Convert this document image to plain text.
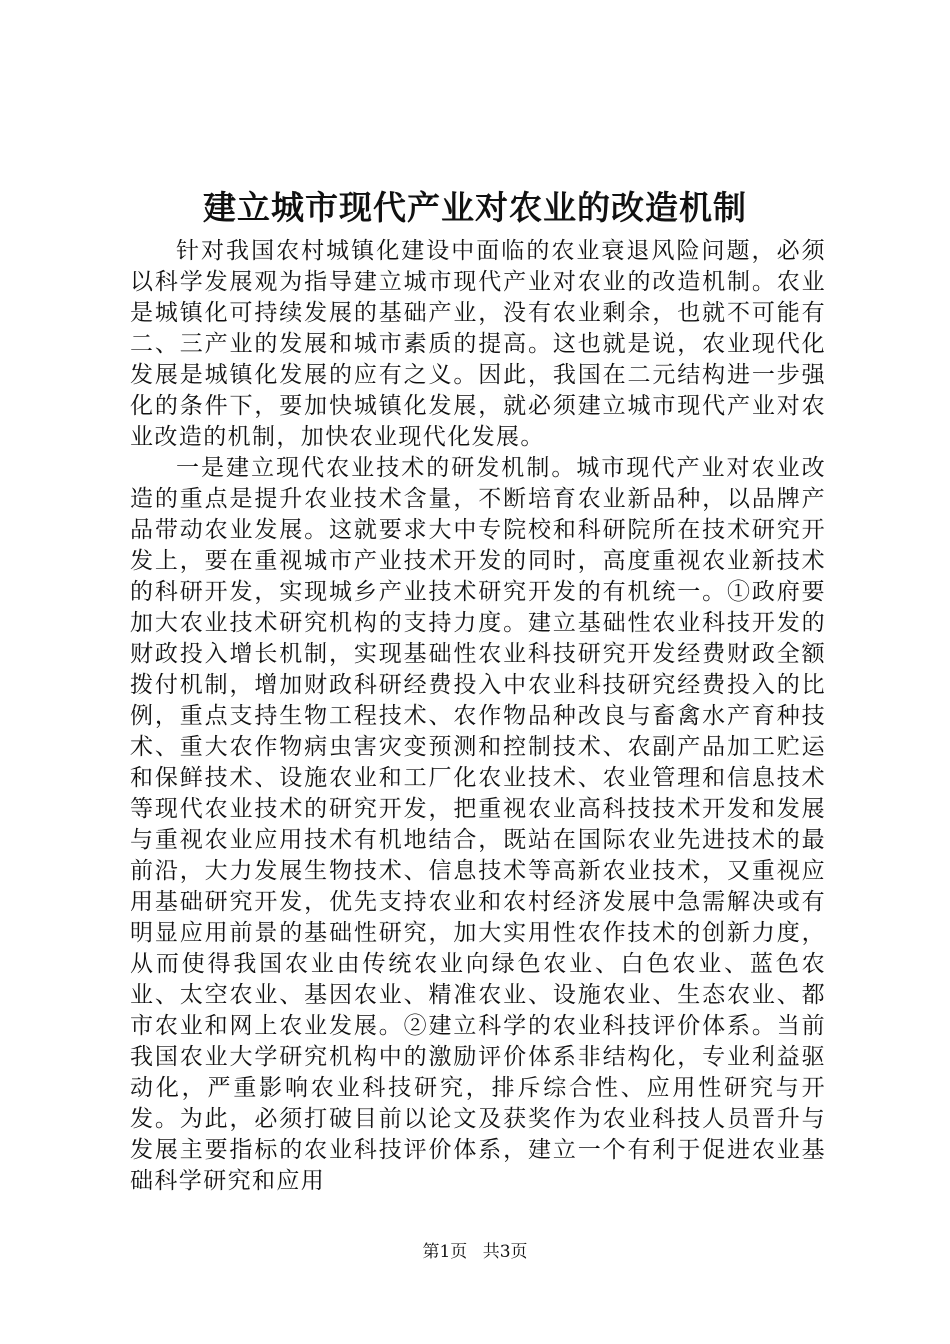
建立城市现代产业对农业的改造机制

针对我国农村城镇化建设中面临的农业衰退风险问题，必须以科学发展观为指导建立城市现代产业对农业的改造机制。农业是城镇化可持续发展的基础产业，没有农业剩余，也就不可能有二、三产业的发展和城市素质的提高。这也就是说，农业现代化发展是城镇化发展的应有之义。因此，我国在二元结构进一步强化的条件下，要加快城镇化发展，就必须建立城市现代产业对农业改造的机制，加快农业现代化发展。

一是建立现代农业技术的研发机制。城市现代产业对农业改造的重点是提升农业技术含量，不断培育农业新品种，以品牌产品带动农业发展。这就要求大中专院校和科研院所在技术研究开发上，要在重视城市产业技术开发的同时，高度重视农业新技术的科研开发，实现城乡产业技术研究开发的有机统一。①政府要加大农业技术研究机构的支持力度。建立基础性农业科技开发的财政投入增长机制，实现基础性农业科技研究开发经费财政全额拨付机制，增加财政科研经费投入中农业科技研究经费投入的比例，重点支持生物工程技术、农作物品种改良与畜禽水产育种技术、重大农作物病虫害灾变预测和控制技术、农副产品加工贮运和保鲜技术、设施农业和工厂化农业技术、农业管理和信息技术等现代农业技术的研究开发，把重视农业高科技技术开发和发展与重视农业应用技术有机地结合，既站在国际农业先进技术的最前沿，大力发展生物技术、信息技术等高新农业技术，又重视应用基础研究开发，优先支持农业和农村经济发展中急需解决或有明显应用前景的基础性研究，加大实用性农作技术的创新力度，从而使得我国农业由传统农业向绿色农业、白色农业、蓝色农业、太空农业、基因农业、精准农业、设施农业、生态农业、都市农业和网上农业发展。②建立科学的农业科技评价体系。当前我国农业大学研究机构中的激励评价体系非结构化，专业利益驱动化，严重影响农业科技研究，排斥综合性、应用性研究与开发。为此，必须打破目前以论文及获奖作为农业科技人员晋升与发展主要指标的农业科技评价体系，建立一个有利于促进农业基础科学研究和应用

第1页 共3页
